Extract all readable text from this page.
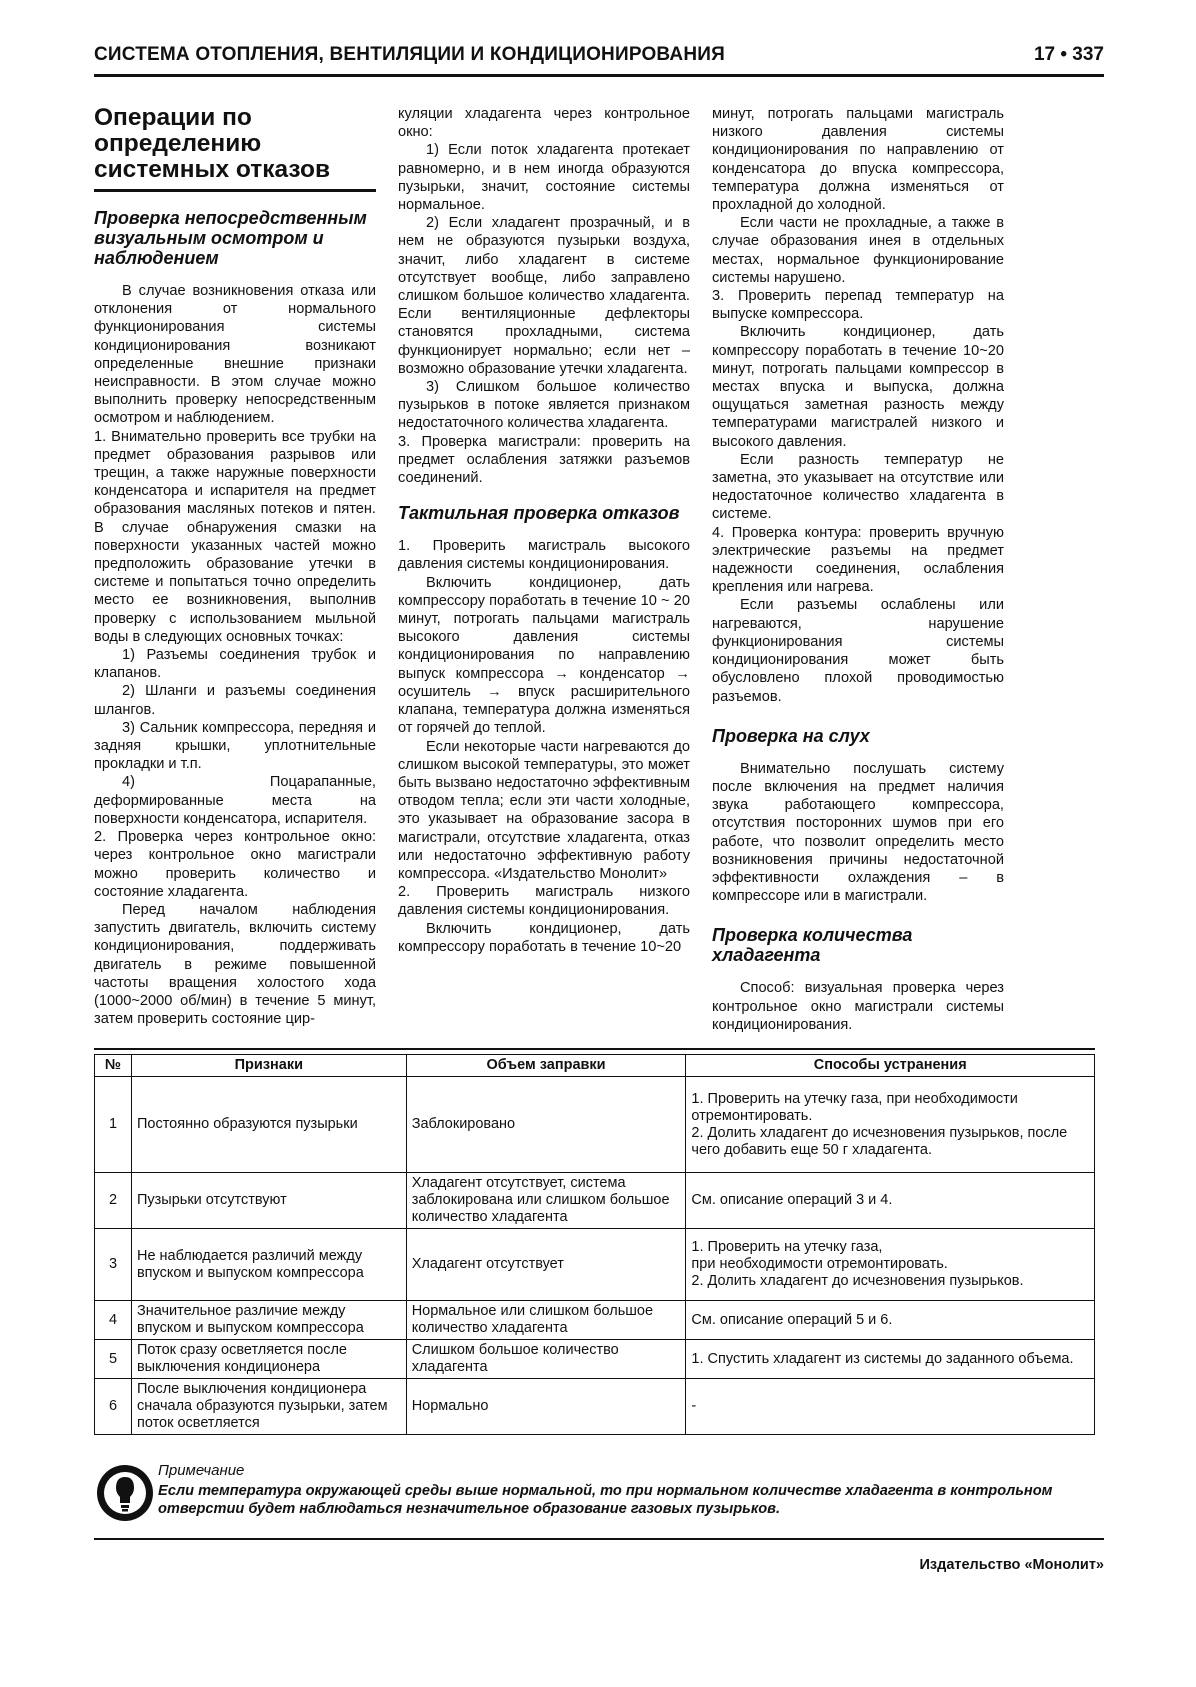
СИСТЕМА ОТОПЛЕНИЯ, ВЕНТИЛЯЦИИ И КОНДИЦИОНИРОВАНИЯ	17 • 337
Операции по определению системных отказов
Проверка непосредственным визуальным осмотром и наблюдением

В случае возникновения отказа или отклонения от нормального функционирования системы кондиционирования возникают определенные внешние признаки неисправности. В этом случае можно выполнить проверку непосредственным осмотром и наблюдением.

1. Внимательно проверить все трубки на предмет образования разрывов или трещин, а также наружные поверхности конденсатора и испарителя на предмет образования масляных потеков и пятен. В случае обнаружения смазки на поверхности указанных частей можно предположить образование утечки в системе и попытаться точно определить место ее возникновения, выполнив проверку с использованием мыльной воды в следующих основных точках:

1) Разъемы соединения трубок и клапанов.

2) Шланги и разъемы соединения шлангов.

3) Сальник компрессора, передняя и задняя крышки, уплотнительные прокладки и т.п.

4) Поцарапанные, деформированные места на поверхности конденсатора, испарителя.

2. Проверка через контрольное окно: через контрольное окно магистрали можно проверить количество и состояние хладагента.

Перед началом наблюдения запустить двигатель, включить систему кондиционирования, поддерживать двигатель в режиме повышенной частоты вращения холостого хода (1000~2000 об/мин) в течение 5 минут, затем проверить состояние цир-

куляции хладагента через контрольное окно:

1) Если поток хладагента протекает равномерно, и в нем иногда образуются пузырьки, значит, состояние системы нормальное.

2) Если хладагент прозрачный, и в нем не образуются пузырьки воздуха, значит, либо хладагент в системе отсутствует вообще, либо заправлено слишком большое количество хладагента. Если вентиляционные дефлекторы становятся прохладными, система функционирует нормально; если нет – возможно образование утечки хладагента.

3) Слишком большое количество пузырьков в потоке является признаком недостаточного количества хладагента.

3. Проверка магистрали: проверить на предмет ослабления затяжки разъемов соединений.

Тактильная проверка отказов

1. Проверить магистраль высокого давления системы кондиционирования.

Включить кондиционер, дать компрессору поработать в течение 10 ~ 20 минут, потрогать пальцами магистраль высокого давления системы кондиционирования по направлению выпуск компрессора → конденсатор → осушитель → впуск расширительного клапана, температура должна изменяться от горячей до теплой.

Если некоторые части нагреваются до слишком высокой температуры, это может быть вызвано недостаточно эффективным отводом тепла; если эти части холодные, это указывает на образование засора в магистрали, отсутствие хладагента, отказ или недостаточно эффективную работу компрессора. «Издательство Монолит»

2. Проверить магистраль низкого давления системы кондиционирования.

Включить кондиционер, дать компрессору поработать в течение 10~20

минут, потрогать пальцами магистраль низкого давления системы кондиционирования по направлению от конденсатора до впуска компрессора, температура должна изменяться от прохладной до холодной.

Если части не прохладные, а также в случае образования инея в отдельных местах, нормальное функционирование системы нарушено.

3. Проверить перепад температур на выпуске компрессора.

Включить кондиционер, дать компрессору поработать в течение 10~20 минут, потрогать пальцами компрессор в местах впуска и выпуска, должна ощущаться заметная разность между температурами магистралей низкого и высокого давления.

Если разность температур не заметна, это указывает на отсутствие или недостаточное количество хладагента в системе.

4. Проверка контура: проверить вручную электрические разъемы на предмет надежности соединения, ослабления крепления или нагрева.

Если разъемы ослаблены или нагреваются, нарушение функционирования системы кондиционирования может быть обусловлено плохой проводимостью разъемов.

Проверка на слух

Внимательно послушать систему после включения на предмет наличия звука работающего компрессора, отсутствия посторонних шумов при его работе, что позволит определить место возникновения причины недостаточной эффективности охлаждения – в компрессоре или в магистрали.

Проверка количества хладагента

Способ: визуальная проверка через контрольное окно магистрали системы кондиционирования.

№	Признаки	Объем заправки	Способы устранения
1	Постоянно образуются пузырьки	Заблокировано	1. Проверить на утечку газа, при необходимости отремонтировать.
2. Долить хладагент до исчезновения пузырьков, после чего добавить еще 50 г хладагента.
2	Пузырьки отсутствуют	Хладагент отсутствует, система заблокирована или слишком большое количество хладагента	См. описание операций 3 и 4.
3	Не наблюдается различий между впуском и выпуском компрессора	Хладагент отсутствует	1. Проверить на утечку газа,
при необходимости отремонтировать.
2. Долить хладагент до исчезновения пузырьков.
4	Значительное различие между впуском и выпуском компрессора	Нормальное или слишком большое количество хладагента	См. описание операций 5 и 6.
5	Поток сразу осветляется после выключения кондиционера	Слишком большое количество хладагента	1. Спустить хладагент из системы до заданного объема.
6	После выключения кондиционера сначала образуются пузырьки, затем поток осветляется	Нормально	-
Примечание
Если температура окружающей среды выше нормальной, то при нормальном количестве хладагента в контрольном отверстии будет наблюдаться незначительное образование газовых пузырьков.
Издательство «Монолит»
